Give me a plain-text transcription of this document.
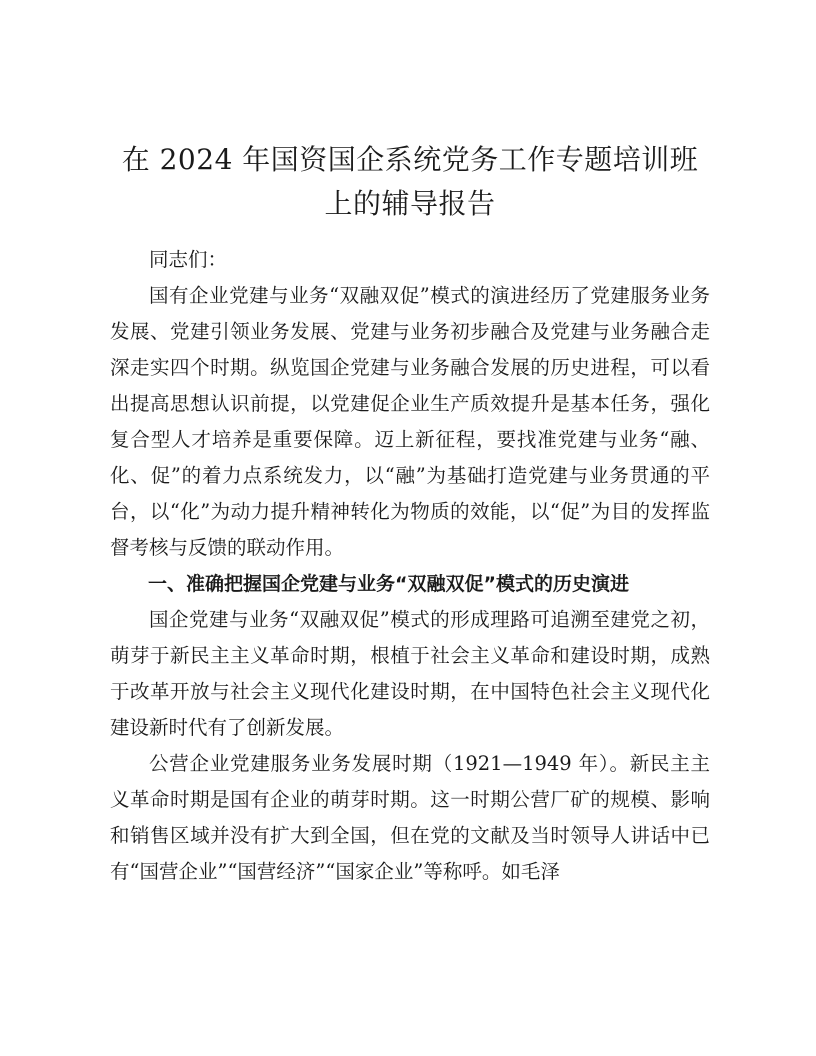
在 2024 年国资国企系统党务工作专题培训班
上的辅导报告

同志们：

国有企业党建与业务“双融双促”模式的演进经历了党建服务业务发展、党建引领业务发展、党建与业务初步融合及党建与业务融合走深走实四个时期。纵览国企党建与业务融合发展的历史进程，可以看出提高思想认识前提，以党建促企业生产质效提升是基本任务，强化复合型人才培养是重要保障。迈上新征程，要找准党建与业务“融、化、促”的着力点系统发力，以“融”为基础打造党建与业务贯通的平台，以“化”为动力提升精神转化为物质的效能，以“促”为目的发挥监督考核与反馈的联动作用。

一、准确把握国企党建与业务“双融双促”模式的历史演进

国企党建与业务“双融双促”模式的形成理路可追溯至建党之初，萌芽于新民主主义革命时期，根植于社会主义革命和建设时期，成熟于改革开放与社会主义现代化建设时期，在中国特色社会主义现代化建设新时代有了创新发展。

公营企业党建服务业务发展时期（1921—1949 年）。新民主主义革命时期是国有企业的萌芽时期。这一时期公营厂矿的规模、影响和销售区域并没有扩大到全国，但在党的文献及当时领导人讲话中已有“国营企业”“国营经济”“国家企业”等称呼。如毛泽
